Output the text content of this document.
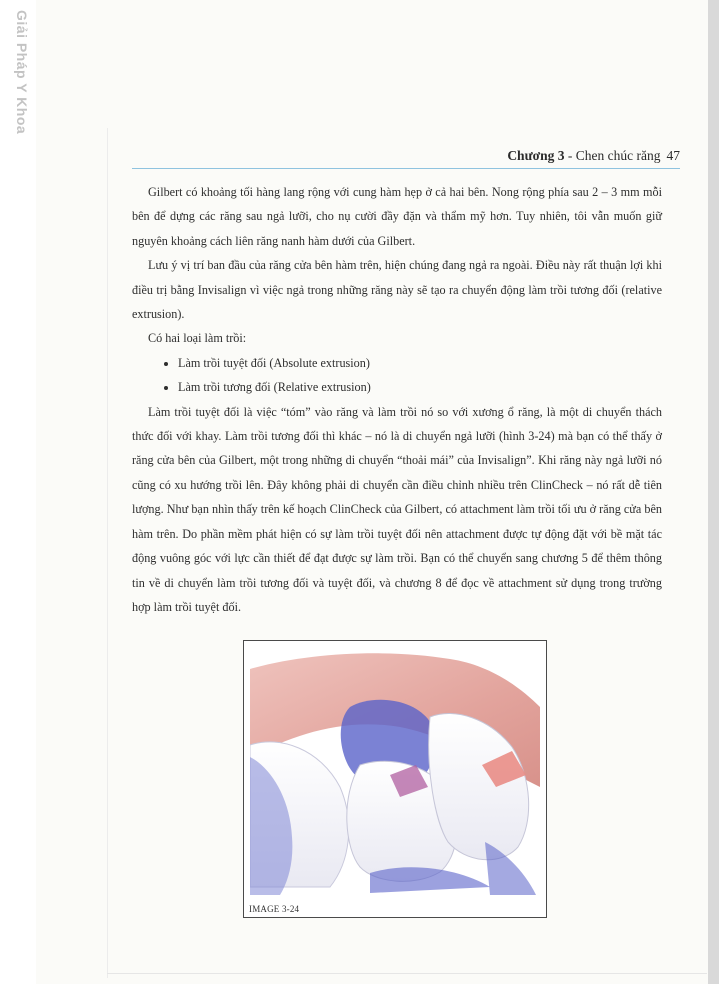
Giải Pháp Y Khoa
Chương 3 - Chen chúc răng 47

Gilbert có khoảng tối hàng lang rộng với cung hàm hẹp ở cả hai bên. Nong rộng phía sau 2 – 3 mm mỗi bên để dựng các răng sau ngả lưỡi, cho nụ cười đầy đặn và thẩm mỹ hơn. Tuy nhiên, tôi vẫn muốn giữ nguyên khoảng cách liên răng nanh hàm dưới của Gilbert.

Lưu ý vị trí ban đầu của răng cửa bên hàm trên, hiện chúng đang ngả ra ngoài. Điều này rất thuận lợi khi điều trị bằng Invisalign vì việc ngả trong những răng này sẽ tạo ra chuyển động làm trồi tương đối (relative extrusion).

Có hai loại làm trồi:

• Làm trồi tuyệt đối (Absolute extrusion)
• Làm trồi tương đối (Relative extrusion)

Làm trồi tuyệt đối là việc “tóm” vào răng và làm trồi nó so với xương ổ răng, là một di chuyển thách thức đối với khay. Làm trồi tương đối thì khác – nó là di chuyển ngả lưỡi (hình 3-24) mà bạn có thể thấy ở răng cửa bên của Gilbert, một trong những di chuyển “thoải mái” của Invisalign”. Khi răng này ngả lưỡi nó cũng có xu hướng trồi lên. Đây không phải di chuyển cần điều chỉnh nhiều trên ClinCheck – nó rất dễ tiên lượng. Như bạn nhìn thấy trên kế hoạch ClinCheck của Gilbert, có attachment làm trồi tối ưu ở răng cửa bên hàm trên. Do phần mềm phát hiện có sự làm trồi tuyệt đối nên attachment được tự động đặt với bề mặt tác động vuông góc với lực cần thiết để đạt được sự làm trồi. Bạn có thể chuyển sang chương 5 để thêm thông tin về di chuyển làm trồi tương đối và tuyệt đối, và chương 8 để đọc về attachment sử dụng trong trường hợp làm trồi tuyệt đối.

IMAGE 3-24
